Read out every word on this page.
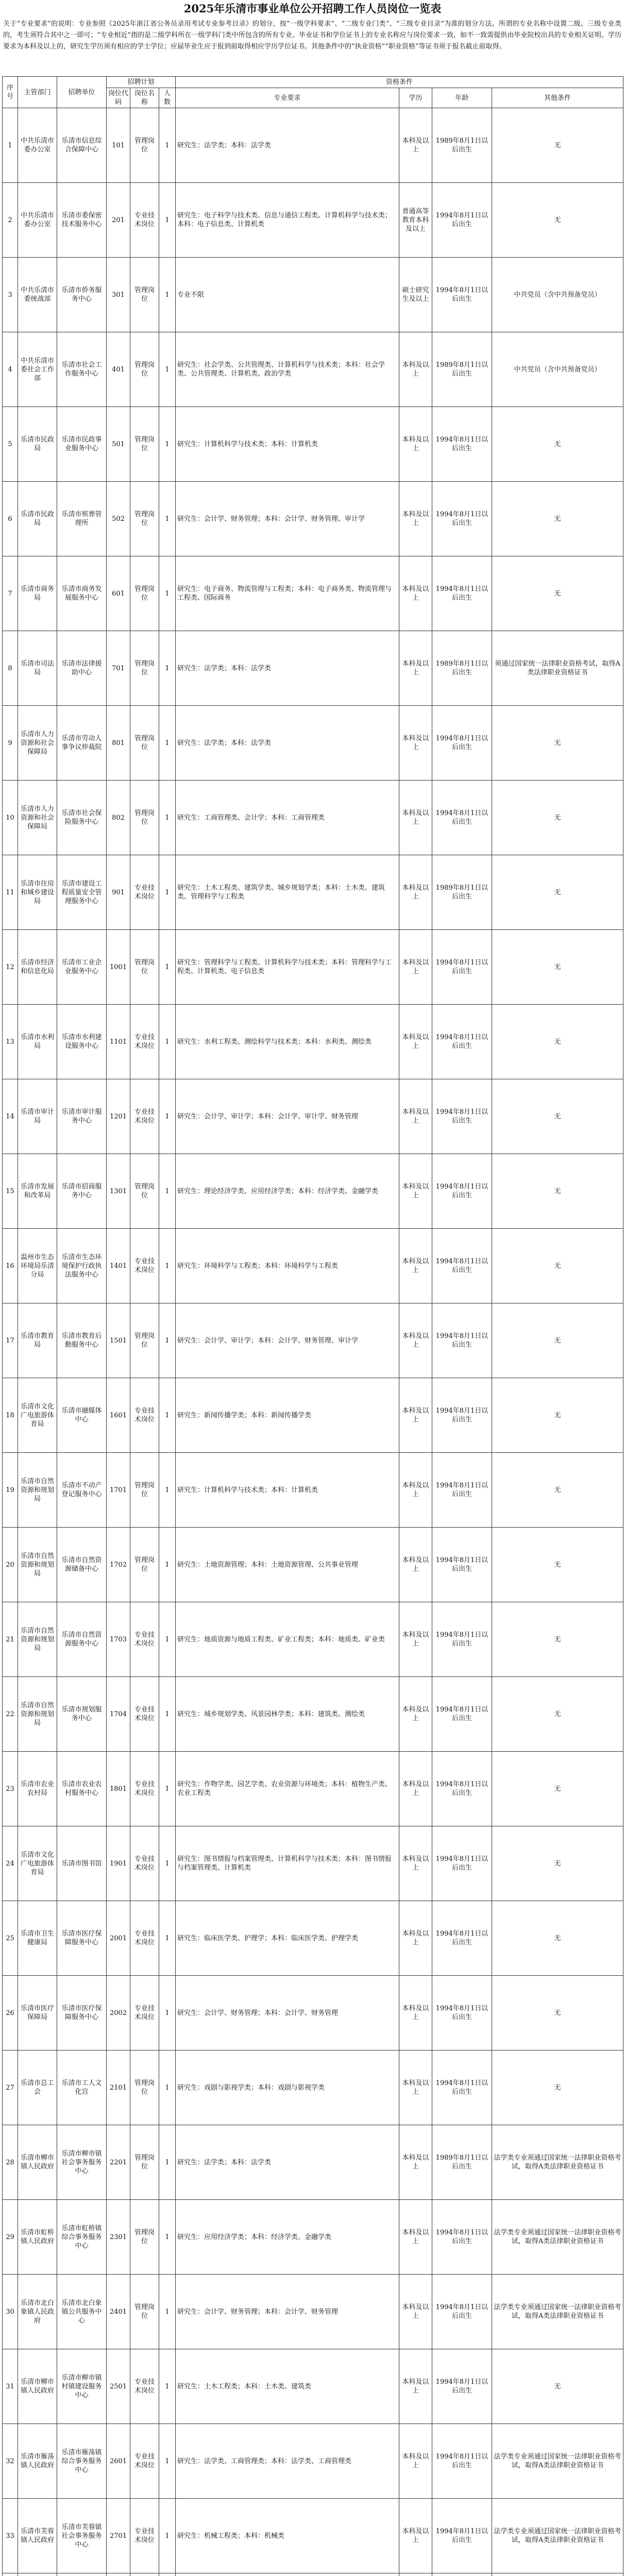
2025年乐清市事业单位公开招聘工作人员岗位一览表
关于“专业要求”的说明：专业参照《2025年浙江省公务员录用考试专业参考目录》的划分，按“一级学科要求”、“二级专业门类”、“三级专业目录”为准的划分方法。所谓的专业名称中设置二级、三级专业类的，考生须符合其中之一即可；“专业相近”指的是二级学科所在一级学科门类中所包含的所有专业。毕业证书和学位证书上的专业名称应与岗位要求一致，如不一致需提供由毕业院校出具的专业相关证明。学历要求为本科及以上的，研究生学历须有相应的学士学位；应届毕业生应于报到前取得相应学历学位证书。其他条件中的“执业资格”“职业资格”等证书须于报名截止前取得。
序号	主管部门	招聘单位	招聘计划			资格条件			
			岗位代码	岗位名称	人数	专业要求	学历	年龄	其他条件
1	中共乐清市委办公室	乐清市信息综合保障中心	101	管理岗位	1	研究生：法学类；本科：法学类	本科及以上	1989年8月1日以后出生	无
2	中共乐清市委办公室	乐清市委保密技术服务中心	201	专业技术岗位	1	研究生：电子科学与技术类、信息与通信工程类、计算机科学与技术类；本科：电子信息类、计算机类	普通高等教育本科及以上	1994年8月1日以后出生	无
3	中共乐清市委统战部	乐清市侨务服务中心	301	管理岗位	1	专业不限	硕士研究生及以上	1994年8月1日以后出生	中共党员（含中共预备党员）
4	中共乐清市委社会工作部	乐清市社会工作服务中心	401	管理岗位	1	研究生：社会学类、公共管理类、计算机科学与技术类；本科：社会学类、公共管理类、计算机类、政治学类	本科及以上	1989年8月1日以后出生	中共党员（含中共预备党员）
5	乐清市民政局	乐清市民政事业服务中心	501	管理岗位	1	研究生：计算机科学与技术类；本科：计算机类	本科及以上	1994年8月1日以后出生	无
6	乐清市民政局	乐清市殡葬管理所	502	管理岗位	1	研究生：会计学、财务管理；本科：会计学、财务管理、审计学	本科及以上	1994年8月1日以后出生	无
7	乐清市商务局	乐清市商务发展服务中心	601	管理岗位	1	研究生：电子商务、物流管理与工程类；本科：电子商务类、物流管理与工程类、国际商务	本科及以上	1994年8月1日以后出生	无
8	乐清市司法局	乐清市法律援助中心	701	管理岗位	1	研究生：法学类；本科：法学类	本科及以上	1989年8月1日以后出生	须通过国家统一法律职业资格考试，取得A类法律职业资格证书
9	乐清市人力资源和社会保障局	乐清市劳动人事争议仲裁院	801	管理岗位	1	研究生：法学类；本科：法学类	本科及以上	1994年8月1日以后出生	无
10	乐清市人力资源和社会保障局	乐清市社会保险服务中心	802	管理岗位	1	研究生：工商管理类、会计学；本科：工商管理类	本科及以上	1994年8月1日以后出生	无
11	乐清市住房和城乡建设局	乐清市建设工程质量安全管理服务中心	901	专业技术岗位	1	研究生：土木工程类、建筑学类、城乡规划学类；本科：土木类、建筑类、管理科学与工程类	本科及以上	1989年8月1日以后出生	无
12	乐清市经济和信息化局	乐清市工业企业服务中心	1001	管理岗位	1	研究生：管理科学与工程类、计算机科学与技术类；本科：管理科学与工程类、计算机类、电子信息类	本科及以上	1994年8月1日以后出生	无
13	乐清市水利局	乐清市水利建设服务中心	1101	专业技术岗位	1	研究生：水利工程类、测绘科学与技术类；本科：水利类、测绘类	本科及以上	1994年8月1日以后出生	无
14	乐清市审计局	乐清市审计服务中心	1201	专业技术岗位	1	研究生：会计学、审计学；本科：会计学、审计学、财务管理	本科及以上	1994年8月1日以后出生	无
15	乐清市发展和改革局	乐清市招商服务中心	1301	管理岗位	1	研究生：理论经济学类、应用经济学类；本科：经济学类、金融学类	本科及以上	1994年8月1日以后出生	无
16	温州市生态环境局乐清分局	乐清市生态环境保护行政执法服务中心	1401	专业技术岗位	1	研究生：环境科学与工程类；本科：环境科学与工程类	本科及以上	1994年8月1日以后出生	无
17	乐清市教育局	乐清市教育后勤服务中心	1501	管理岗位	1	研究生：会计学、审计学；本科：会计学、财务管理、审计学	本科及以上	1994年8月1日以后出生	无
18	乐清市文化广电旅游体育局	乐清市融媒体中心	1601	专业技术岗位	1	研究生：新闻传播学类；本科：新闻传播学类	本科及以上	1994年8月1日以后出生	无
19	乐清市自然资源和规划局	乐清市不动产登记服务中心	1701	管理岗位	1	研究生：计算机科学与技术类；本科：计算机类	本科及以上	1994年8月1日以后出生	无
20	乐清市自然资源和规划局	乐清市自然资源储备中心	1702	管理岗位	1	研究生：土地资源管理；本科：土地资源管理、公共事业管理	本科及以上	1994年8月1日以后出生	无
21	乐清市自然资源和规划局	乐清市自然资源服务中心	1703	专业技术岗位	1	研究生：地质资源与地质工程类、矿业工程类；本科：地质类、矿业类	本科及以上	1994年8月1日以后出生	无
22	乐清市自然资源和规划局	乐清市规划服务中心	1704	专业技术岗位	1	研究生：城乡规划学类、风景园林学类；本科：建筑类、测绘类	本科及以上	1994年8月1日以后出生	无
23	乐清市农业农村局	乐清市农业农村服务中心	1801	专业技术岗位	1	研究生：作物学类、园艺学类、农业资源与环境类；本科：植物生产类、农业工程类	本科及以上	1994年8月1日以后出生	无
24	乐清市文化广电旅游体育局	乐清市图书馆	1901	专业技术岗位	1	研究生：图书情报与档案管理类、计算机科学与技术类；本科：图书情报与档案管理类、计算机类	本科及以上	1994年8月1日以后出生	无
25	乐清市卫生健康局	乐清市医疗保障服务中心	2001	专业技术岗位	1	研究生：临床医学类、护理学；本科：临床医学类、护理学类	本科及以上	1994年8月1日以后出生	无
26	乐清市医疗保障局	乐清市医疗保障服务中心	2002	专业技术岗位	1	研究生：会计学、财务管理；本科：会计学、财务管理	本科及以上	1994年8月1日以后出生	无
27	乐清市总工会	乐清市工人文化宫	2101	管理岗位	1	研究生：戏剧与影视学类；本科：戏剧与影视学类	本科及以上	1994年8月1日以后出生	无
28	乐清市柳市镇人民政府	乐清市柳市镇社会事务服务中心	2201	管理岗位	1	研究生：法学类；本科：法学类	本科及以上	1989年8月1日以后出生	法学类专业须通过国家统一法律职业资格考试，取得A类法律职业资格证书
29	乐清市虹桥镇人民政府	乐清市虹桥镇综合事务服务中心	2301	管理岗位	1	研究生：应用经济学类；本科：经济学类、金融学类	本科及以上	1994年8月1日以后出生	法学类专业须通过国家统一法律职业资格考试，取得A类法律职业资格证书
30	乐清市北白象镇人民政府	乐清市北白象镇公共服务中心	2401	管理岗位	1	研究生：会计学、财务管理；本科：会计学、财务管理	本科及以上	1994年8月1日以后出生	法学类专业须通过国家统一法律职业资格考试，取得A类法律职业资格证书
31	乐清市柳市镇人民政府	乐清市柳市镇村镇建设服务中心	2501	专业技术岗位	1	研究生：土木工程类；本科：土木类、建筑类	本科及以上	1994年8月1日以后出生	无
32	乐清市雁荡镇人民政府	乐清市雁荡镇综合事务服务中心	2601	专业技术岗位	1	研究生：法学类、工商管理类；本科：法学类、工商管理类	本科及以上	1994年8月1日以后出生	法学类专业须通过国家统一法律职业资格考试，取得A类法律职业资格证书
33	乐清市芙蓉镇人民政府	乐清市芙蓉镇社会事务服务中心	2701	专业技术岗位	1	研究生：机械工程类；本科：机械类	本科及以上	1994年8月1日以后出生	法学类专业须通过国家统一法律职业资格考试，取得A类法律职业资格证书
